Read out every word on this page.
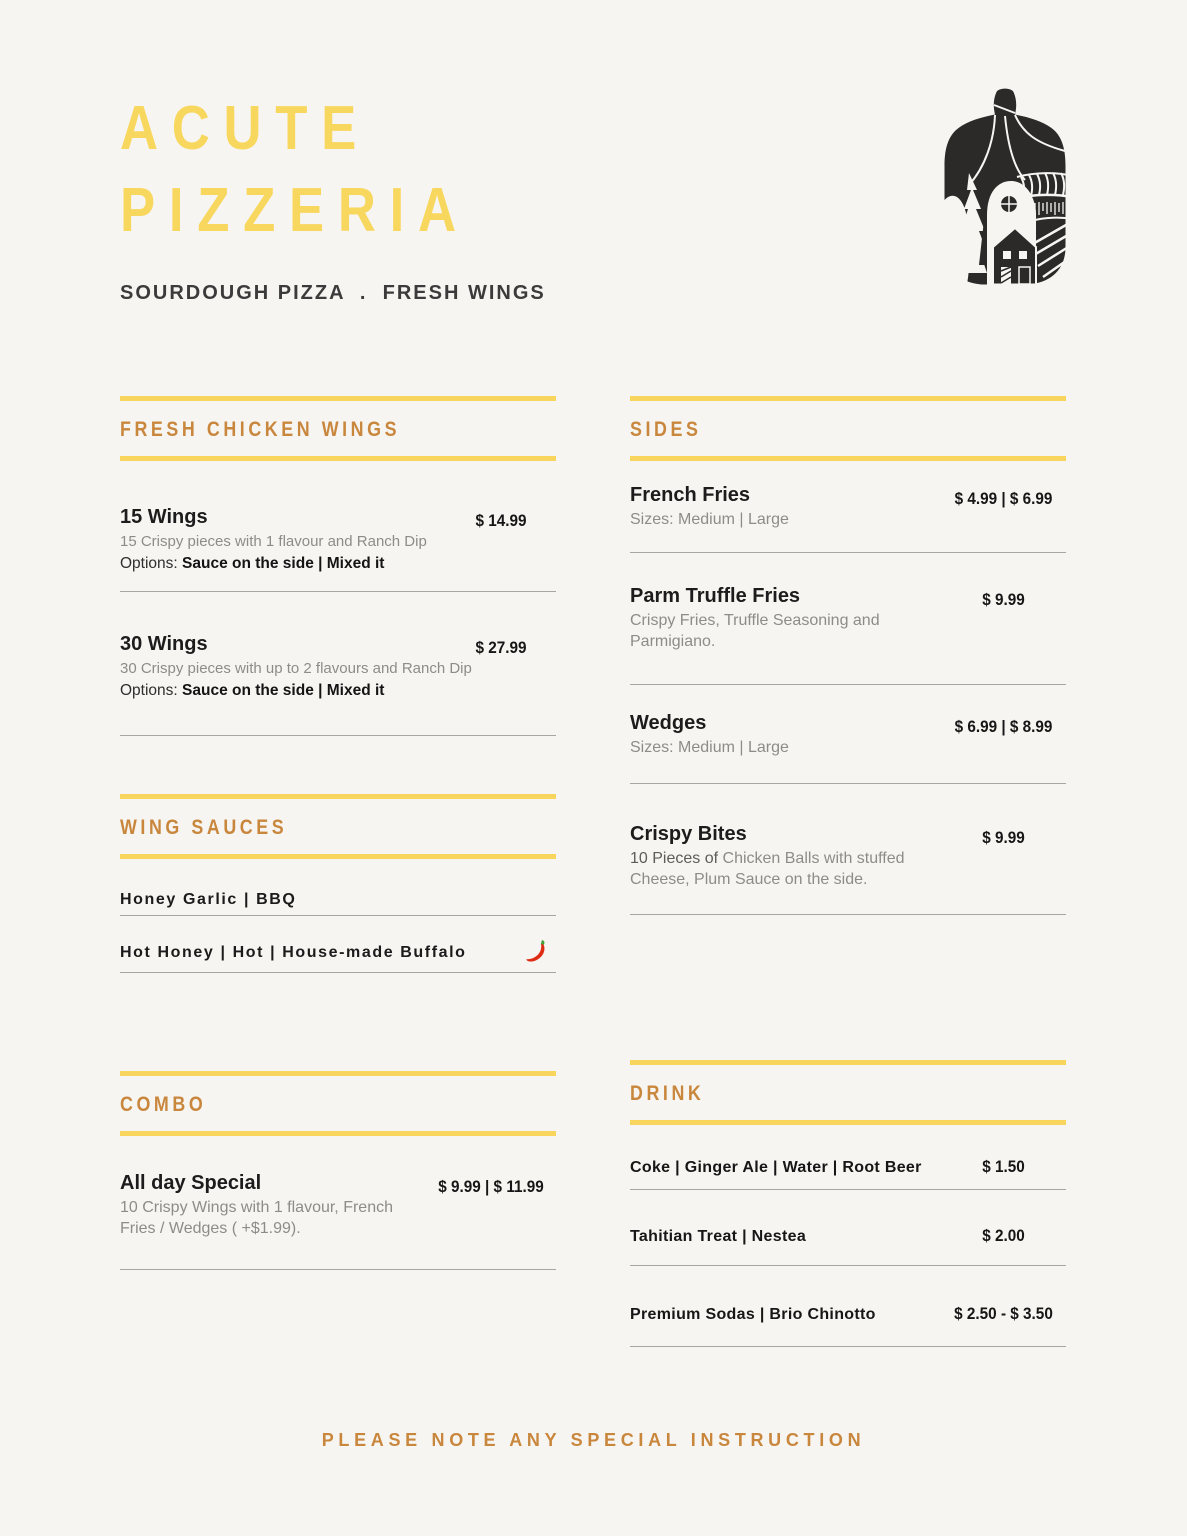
ACUTE
PIZZERIA
SOURDOUGH PIZZA  .  FRESH WINGS
FRESH CHICKEN WINGS
15 Wings
15 Crispy pieces with 1 flavour and Ranch Dip
Options: Sauce on the side | Mixed it
$ 14.99
30 Wings
30 Crispy pieces with up to 2 flavours and Ranch Dip
Options: Sauce on the side | Mixed it
$ 27.99
WING SAUCES
Honey Garlic | BBQ
Hot Honey | Hot | House-made Buffalo
COMBO
All day Special
10 Crispy Wings with 1 flavour, French Fries / Wedges ( +$1.99).
$ 9.99 | $ 11.99
SIDES
French Fries
Sizes: Medium | Large
$ 4.99 | $ 6.99
Parm Truffle Fries
Crispy Fries, Truffle Seasoning and Parmigiano.
$ 9.99
Wedges
Sizes: Medium | Large
$ 6.99 | $ 8.99
Crispy Bites
10 Pieces of Chicken Balls with stuffed Cheese, Plum Sauce on the side.
$ 9.99
DRINK
Coke | Ginger Ale | Water | Root Beer	$ 1.50
Tahitian Treat | Nestea	$ 2.00
Premium Sodas | Brio Chinotto	$ 2.50 - $ 3.50
PLEASE NOTE ANY SPECIAL INSTRUCTION
